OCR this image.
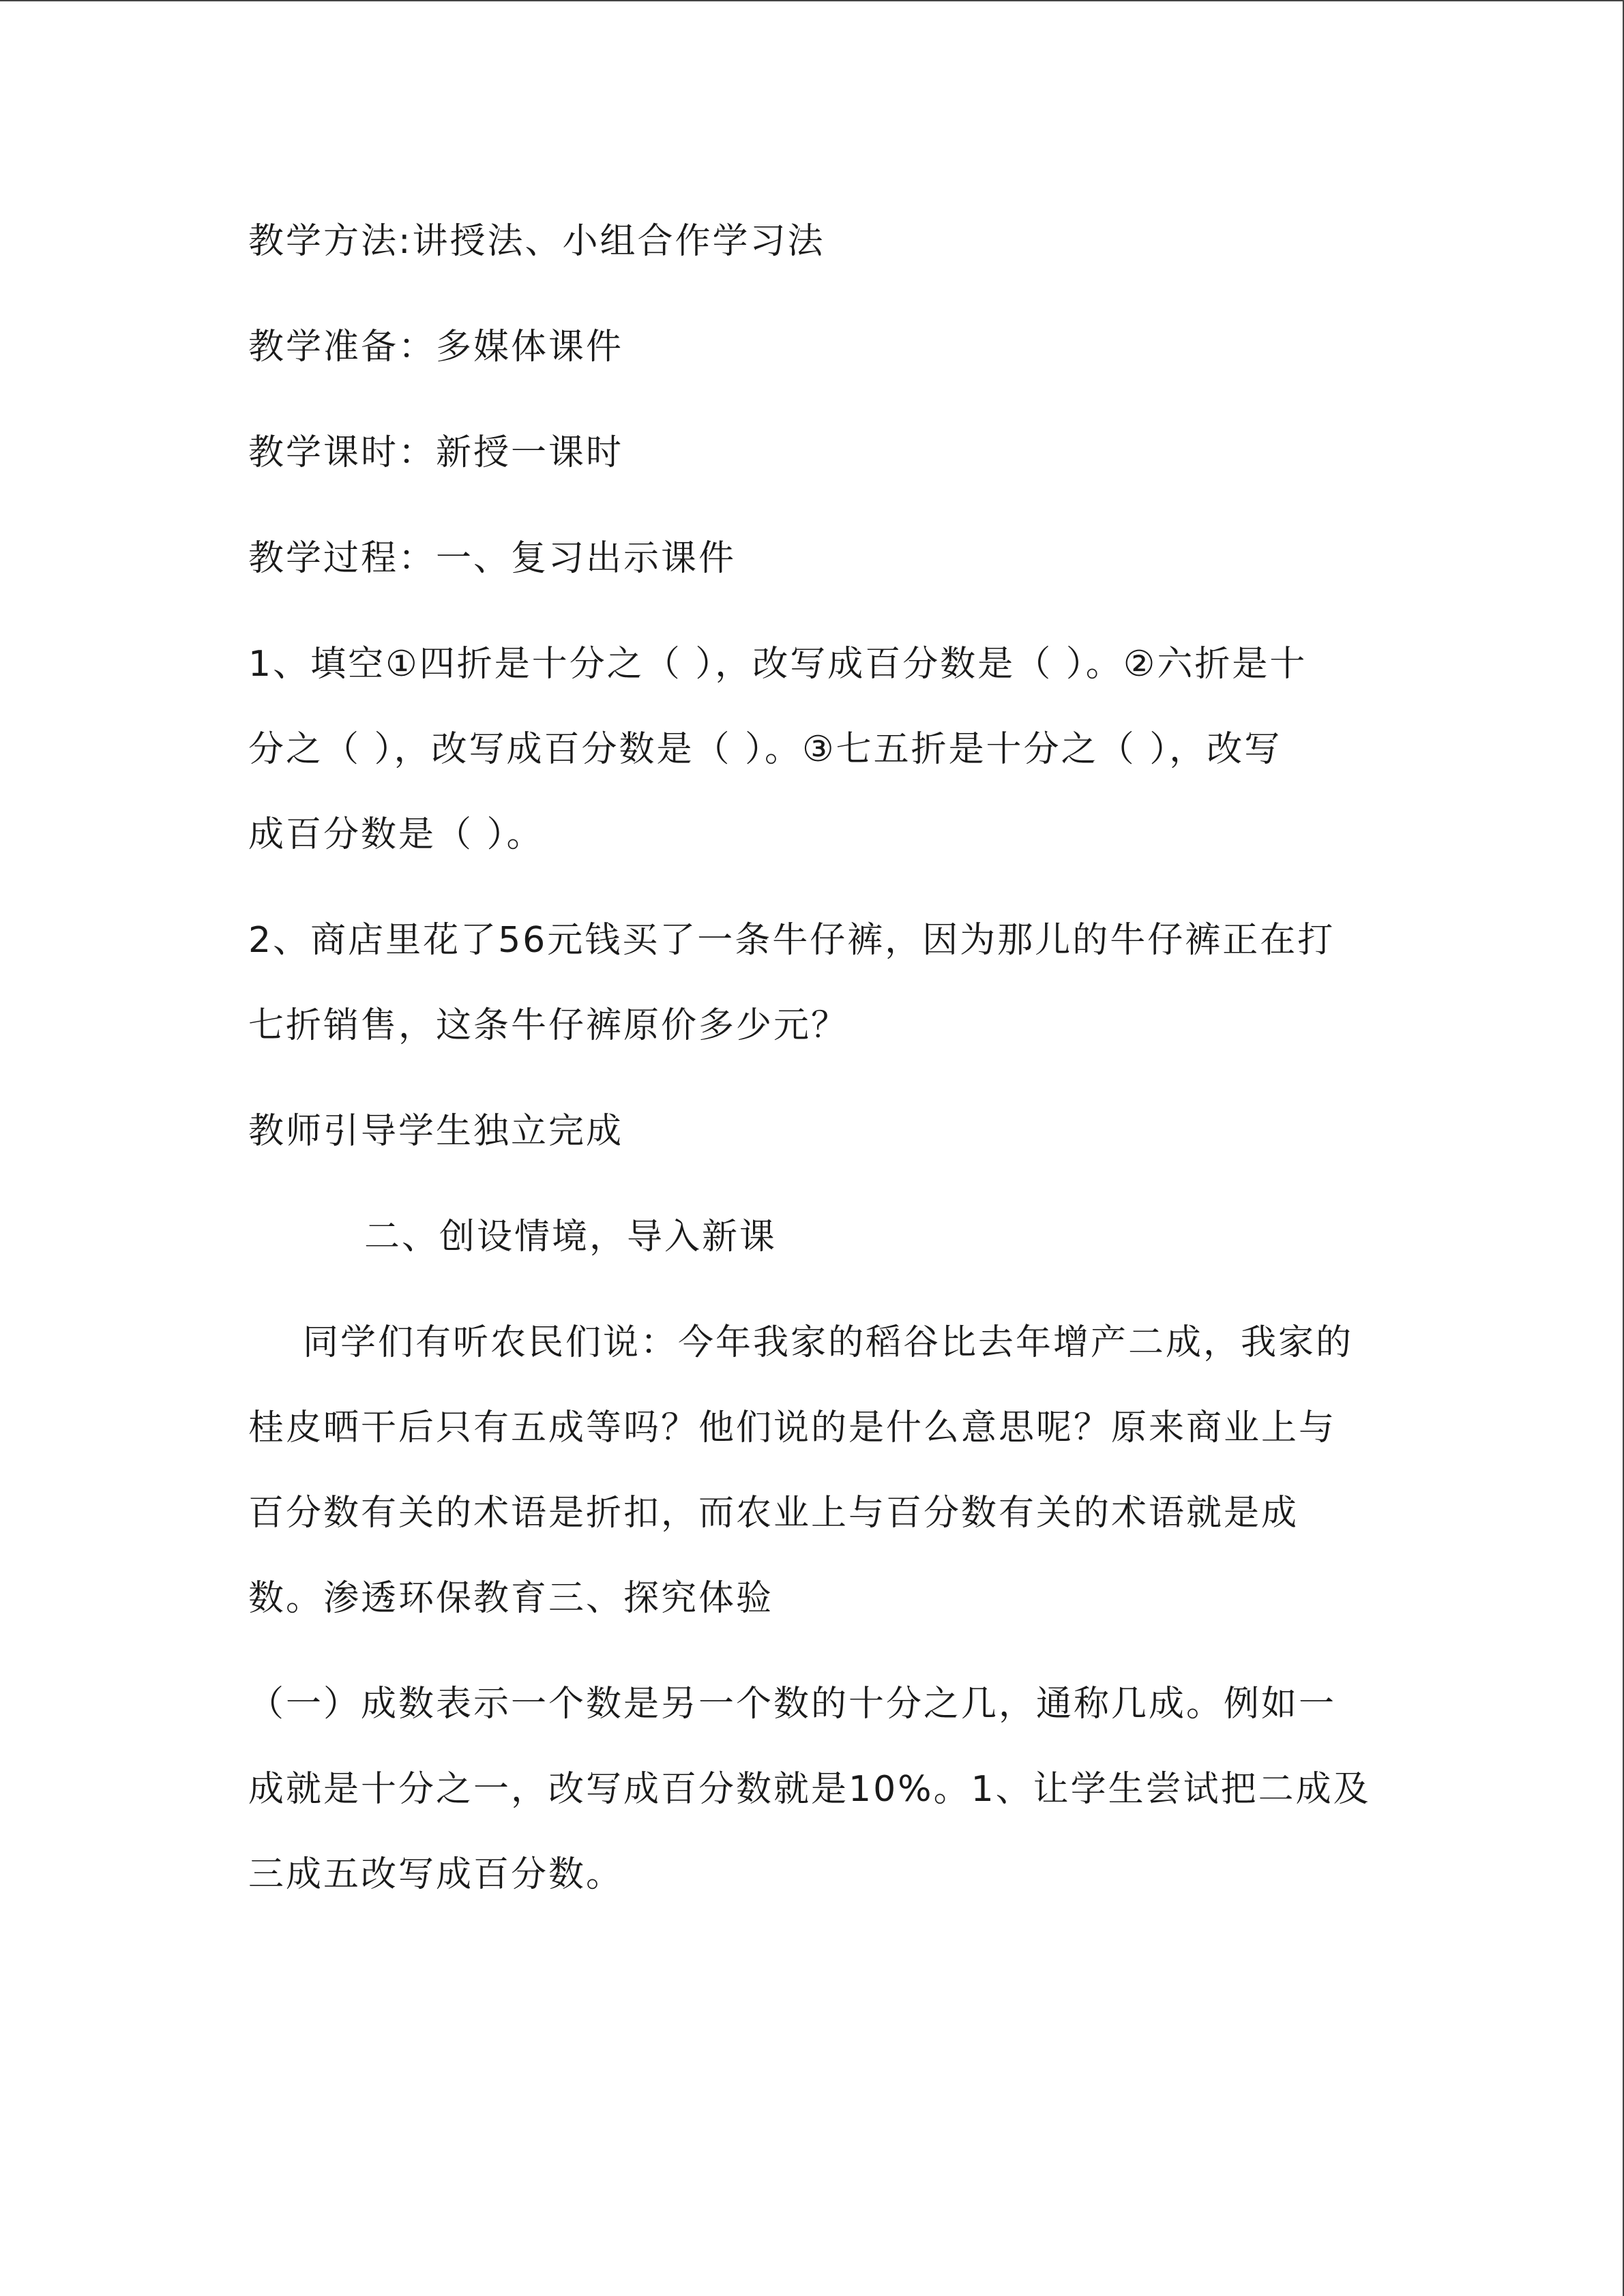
教学方法:讲授法、小组合作学习法

教学准备：多媒体课件

教学课时：新授一课时

教学过程：一、复习出示课件

1、填空①四折是十分之（ ），改写成百分数是（ ）。②六折是十
分之（ ），改写成百分数是（ ）。③七五折是十分之（ ），改写
成百分数是（ ）。
2、商店里花了56元钱买了一条牛仔裤，因为那儿的牛仔裤正在打
七折销售，这条牛仔裤原价多少元？

教师引导学生独立完成

二、创设情境，导入新课

同学们有听农民们说：今年我家的稻谷比去年增产二成，我家的
桂皮晒干后只有五成等吗？他们说的是什么意思呢？原来商业上与
百分数有关的术语是折扣，而农业上与百分数有关的术语就是成
数。渗透环保教育三、探究体验
（一）成数表示一个数是另一个数的十分之几，通称几成。例如一
成就是十分之一，改写成百分数就是10%。1、让学生尝试把二成及
三成五改写成百分数。
